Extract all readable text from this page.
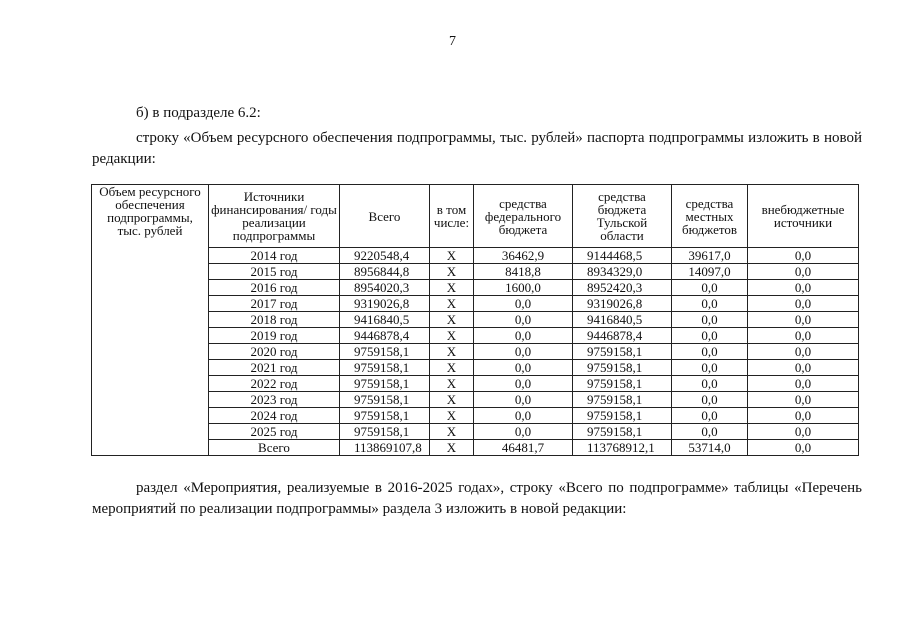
7
б) в подразделе 6.2:
строку «Объем ресурсного обеспечения подпрограммы, тыс. рублей» паспорта подпрограммы изложить в новой редакции:
Объем ресурсного обеспечения подпрограммы, тыс. рублей	Источники финансирования/ годы реализации подпрограммы	Всего	в том числе:	средства федерального бюджета	средства бюджета Тульской области	средства местных бюджетов	внебюджетные источники
	2014 год	9220548,4	X	36462,9	9144468,5	39617,0	0,0
	2015 год	8956844,8	X	8418,8	8934329,0	14097,0	0,0
	2016 год	8954020,3	X	1600,0	8952420,3	0,0	0,0
	2017 год	9319026,8	X	0,0	9319026,8	0,0	0,0
	2018 год	9416840,5	X	0,0	9416840,5	0,0	0,0
	2019 год	9446878,4	X	0,0	9446878,4	0,0	0,0
	2020 год	9759158,1	X	0,0	9759158,1	0,0	0,0
	2021 год	9759158,1	X	0,0	9759158,1	0,0	0,0
	2022 год	9759158,1	X	0,0	9759158,1	0,0	0,0
	2023 год	9759158,1	X	0,0	9759158,1	0,0	0,0
	2024 год	9759158,1	X	0,0	9759158,1	0,0	0,0
	2025 год	9759158,1	X	0,0	9759158,1	0,0	0,0
	Всего	113869107,8	X	46481,7	113768912,1	53714,0	0,0
раздел «Мероприятия, реализуемые в 2016-2025 годах», строку «Всего по подпрограмме» таблицы «Перечень мероприятий по реализации подпрограммы» раздела 3 изложить в новой редакции:
